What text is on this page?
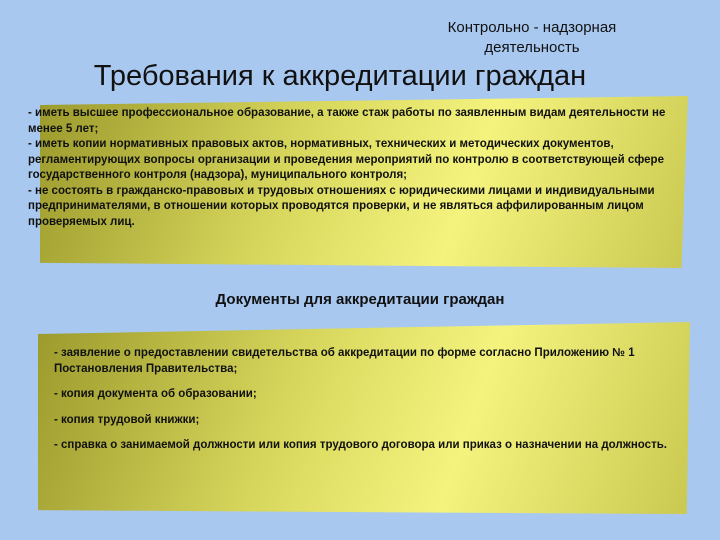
Контрольно - надзорная деятельность
Требования к аккредитации граждан

- иметь высшее профессиональное образование, а также стаж работы по заявленным видам деятельности не менее 5 лет;

- иметь копии нормативных правовых актов, нормативных, технических и методических документов, регламентирующих вопросы организации и проведения мероприятий по контролю в соответствующей сфере государственного контроля (надзора), муниципального контроля;

- не состоять в гражданско-правовых и трудовых отношениях с юридическими лицами и индивидуальными предпринимателями, в отношении которых проводятся проверки, и не являться аффилированным лицом проверяемых лиц.

Документы для аккредитации граждан

- заявление о предоставлении свидетельства об аккредитации по форме согласно Приложению № 1 Постановления Правительства;

- копия документа об образовании;

- копия трудовой книжки;

- справка о занимаемой должности или копия трудового договора или приказ о назначении на должность.
